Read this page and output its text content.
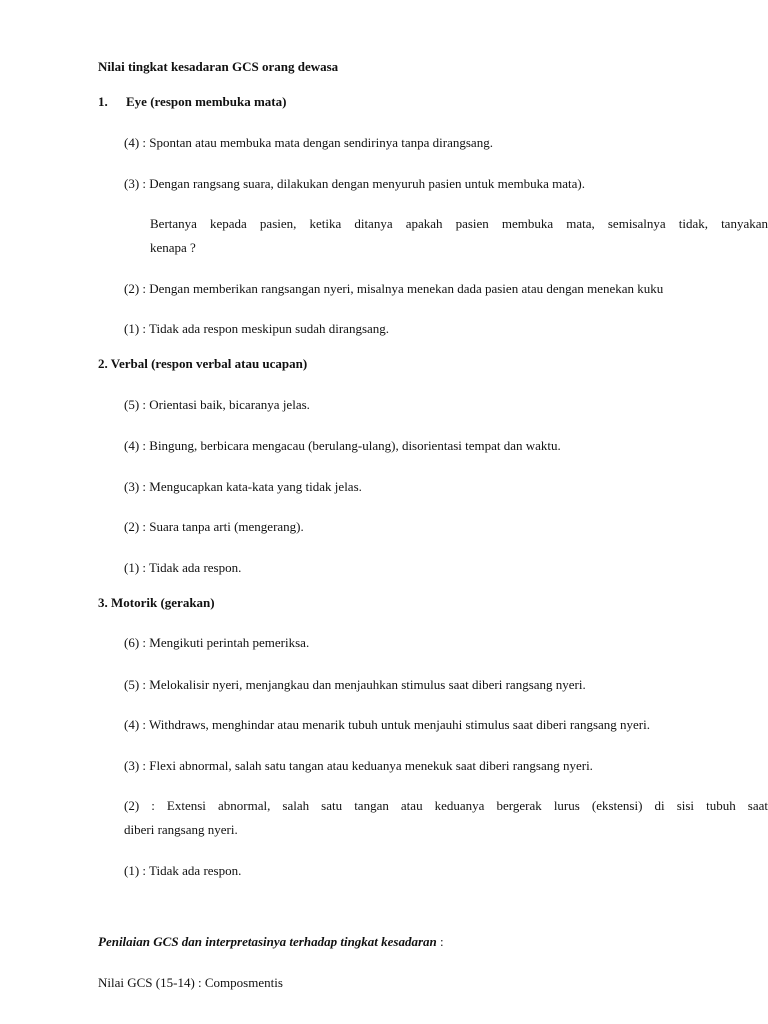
Nilai tingkat kesadaran GCS orang dewasa
1. Eye (respon membuka mata)
(4) : Spontan atau membuka mata dengan sendirinya tanpa dirangsang.
(3) : Dengan rangsang suara, dilakukan dengan menyuruh pasien untuk membuka mata).
Bertanya kepada pasien, ketika ditanya apakah pasien membuka mata, semisalnya tidak, tanyakan
kenapa ?
(2) : Dengan memberikan rangsangan nyeri, misalnya menekan dada pasien atau dengan menekan kuku
(1) : Tidak ada respon meskipun sudah dirangsang.
2. Verbal (respon verbal atau ucapan)
(5) : Orientasi baik, bicaranya jelas.
(4) : Bingung, berbicara mengacau (berulang-ulang), disorientasi tempat dan waktu.
(3) : Mengucapkan kata-kata yang tidak jelas.
(2) : Suara tanpa arti (mengerang).
(1) : Tidak ada respon.
3. Motorik (gerakan)
(6) : Mengikuti perintah pemeriksa.
(5) : Melokalisir nyeri, menjangkau dan menjauhkan stimulus saat diberi rangsang nyeri.
(4) : Withdraws, menghindar atau menarik tubuh untuk menjauhi stimulus saat diberi rangsang nyeri.
(3) : Flexi abnormal, salah satu tangan atau keduanya menekuk saat diberi rangsang nyeri.
(2) : Extensi abnormal, salah satu tangan atau keduanya bergerak lurus (ekstensi) di sisi tubuh saat
diberi rangsang nyeri.
(1) : Tidak ada respon.
Penilaian GCS dan interpretasinya terhadap tingkat kesadaran :
Nilai GCS (15-14) : Composmentis
